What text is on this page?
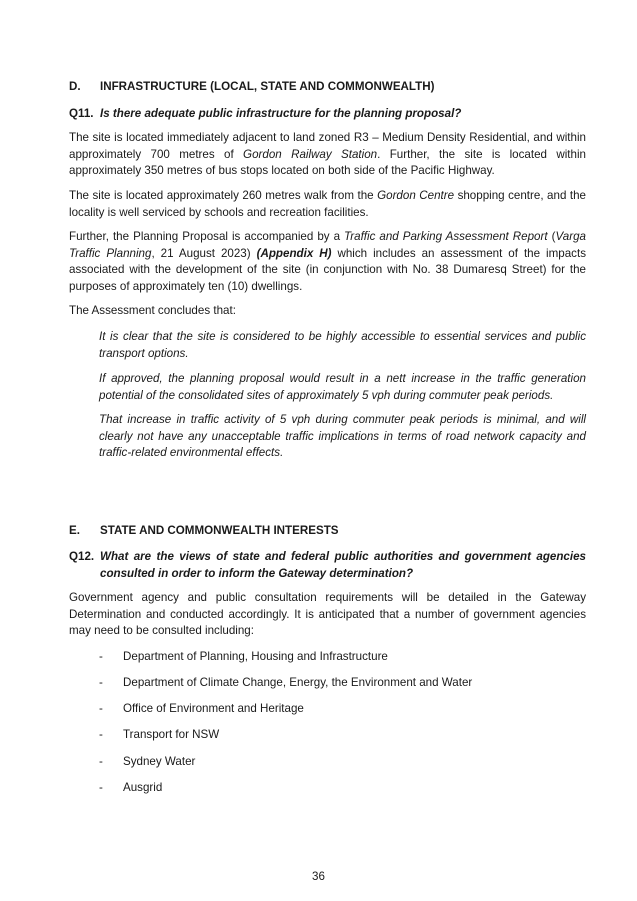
D. INFRASTRUCTURE (LOCAL, STATE AND COMMONWEALTH)

Q11. Is there adequate public infrastructure for the planning proposal?

The site is located immediately adjacent to land zoned R3 – Medium Density Residential, and within approximately 700 metres of Gordon Railway Station. Further, the site is located within approximately 350 metres of bus stops located on both side of the Pacific Highway.

The site is located approximately 260 metres walk from the Gordon Centre shopping centre, and the locality is well serviced by schools and recreation facilities.

Further, the Planning Proposal is accompanied by a Traffic and Parking Assessment Report (Varga Traffic Planning, 21 August 2023) (Appendix H) which includes an assessment of the impacts associated with the development of the site (in conjunction with No. 38 Dumaresq Street) for the purposes of approximately ten (10) dwellings.

The Assessment concludes that:

It is clear that the site is considered to be highly accessible to essential services and public transport options.

If approved, the planning proposal would result in a nett increase in the traffic generation potential of the consolidated sites of approximately 5 vph during commuter peak periods.

That increase in traffic activity of 5 vph during commuter peak periods is minimal, and will clearly not have any unacceptable traffic implications in terms of road network capacity and traffic-related environmental effects.

E. STATE AND COMMONWEALTH INTERESTS

Q12. What are the views of state and federal public authorities and government agencies consulted in order to inform the Gateway determination?

Government agency and public consultation requirements will be detailed in the Gateway Determination and conducted accordingly. It is anticipated that a number of government agencies may need to be consulted including:

- Department of Planning, Housing and Infrastructure

- Department of Climate Change, Energy, the Environment and Water

- Office of Environment and Heritage

- Transport for NSW

- Sydney Water

- Ausgrid

36
